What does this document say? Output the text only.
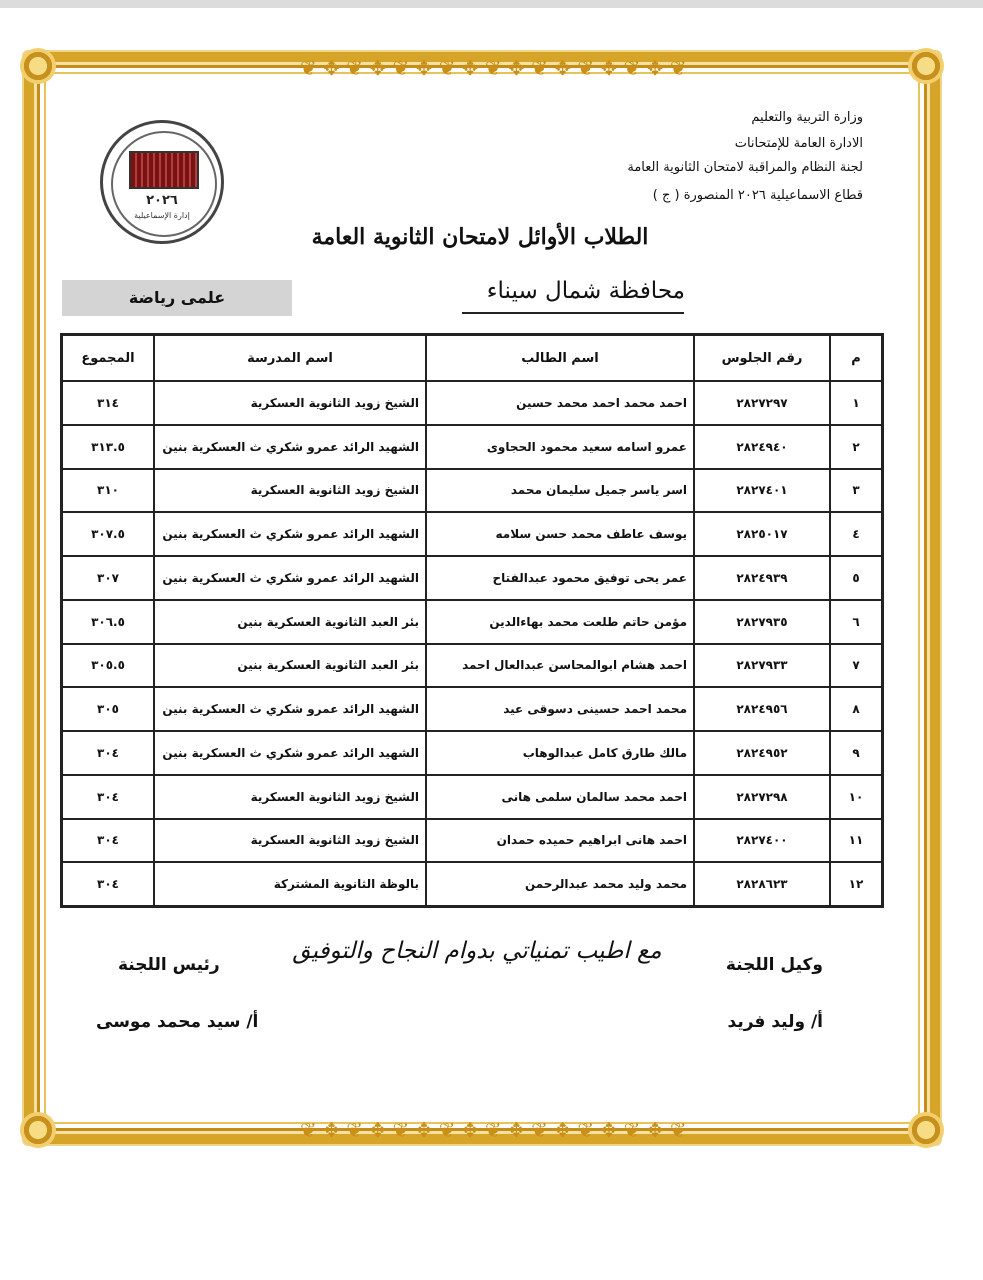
❦ ✥ ❦ ✥ ❦ ✥ ❦ ✥ ❦ ✥ ❦ ✥ ❦ ✥ ❦ ✥ ❦
❦ ✥ ❦ ✥ ❦ ✥ ❦ ✥ ❦ ✥ ❦ ✥ ❦ ✥ ❦ ✥ ❦
٢٠٢٦
إدارة الإسماعيلية
وزارة التربية والتعليم
الادارة العامة للإمتحانات
لجنة النظام والمراقبة لامتحان الثانوية العامة
قطاع الاسماعيلية ٢٠٢٦ المنصورة ( ج )
الطلاب الأوائل لامتحان الثانوية العامة
علمى رياضة	محافظة شمال سيناء
م	رقم الجلوس	اسم الطالب	اسم المدرسة	المجموع
١	٢٨٢٧٢٩٧	احمد محمد احمد محمد حسين	الشيخ زويد الثانوية العسكرية	٣١٤
٢	٢٨٢٤٩٤٠	عمرو اسامه سعيد محمود الحجاوى	الشهيد الرائد عمرو شكري ث العسكرية بنين	٣١٣.٥
٣	٢٨٢٧٤٠١	اسر ياسر جميل سليمان محمد	الشيخ زويد الثانوية العسكرية	٣١٠
٤	٢٨٢٥٠١٧	يوسف عاطف محمد حسن سلامه	الشهيد الرائد عمرو شكري ث العسكرية بنين	٣٠٧.٥
٥	٢٨٢٤٩٣٩	عمر يحى توفيق محمود عبدالفتاح	الشهيد الرائد عمرو شكري ث العسكرية بنين	٣٠٧
٦	٢٨٢٧٩٣٥	مؤمن حاتم طلعت محمد بهاءالدين	بئر العبد الثانوية العسكرية بنين	٣٠٦.٥
٧	٢٨٢٧٩٣٣	احمد هشام ابوالمحاسن عبدالعال احمد	بئر العبد الثانوية العسكرية بنين	٣٠٥.٥
٨	٢٨٢٤٩٥٦	محمد احمد حسينى دسوقى عيد	الشهيد الرائد عمرو شكري ث العسكرية بنين	٣٠٥
٩	٢٨٢٤٩٥٢	مالك طارق كامل عبدالوهاب	الشهيد الرائد عمرو شكري ث العسكرية بنين	٣٠٤
١٠	٢٨٢٧٢٩٨	احمد محمد سالمان سلمى هانى	الشيخ زويد الثانوية العسكرية	٣٠٤
١١	٢٨٢٧٤٠٠	احمد هانى ابراهيم حميده حمدان	الشيخ زويد الثانوية العسكرية	٣٠٤
١٢	٢٨٢٨٦٢٣	محمد وليد محمد عبدالرحمن	بالوظة الثانوية المشتركة	٣٠٤
مع اطيب تمنياتي بدوام النجاح والتوفيق
وكيل اللجنة
رئيس اللجنة
أ/ وليد فريد
أ/ سيد محمد موسى
